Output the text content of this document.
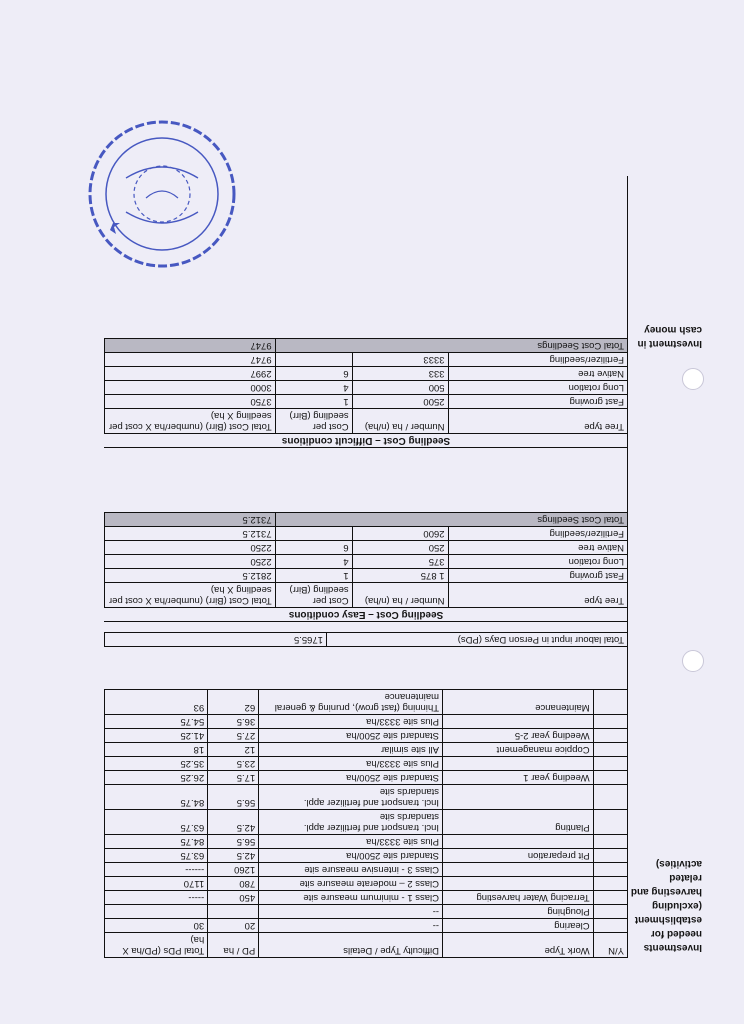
Investments needed for establishment (excluding harvesting and related activities)
Investment in cash money
Y/N	Work Type	Difficulty Type / Details	PD / ha	Total PDs (PD/ha X ha)
	Clearing	--	20	30
	Ploughing	--		
	Terracing Water harvesting	Class 1 - minimum measure site	450	-----
		Class 2 – moderate measure site	780	1170
		Class 3 - intensive measure site	1260	------
	Pit preparation	Standard site 2500/ha	42.5	63.75
		Plus site 3333/ha	56.5	84.75
	Planting	Incl. transport and fertilizer appl. standards site	42.5	63.75
		Incl. transport and fertilizer appl. standards site	56.5	84.75
	Weeding year 1	Standard site 2500/ha	17.5	26.25
		Plus site 3333/ha	23.5	35.25
	Coppice management	All site similar	12	18
	Weeding year 2-5	Standard site 2500/ha	27.5	41.25
		Plus site 3333/ha	36.5	54.75
	Maintenance	Thinning (fast grow), pruning & general maintenance	62	93
Total labour input in Person Days (PDs)	1765.5
Seedling Cost – Easy conditions			
Tree type	Number / ha (n/ha)	Cost per seedling (Birr)	Total Cost (Birr) (number/ha X cost per seedling X ha)
Fast growing	1 875	1	2812.5
Long rotation	375	4	2250
Native tree	250	6	2250
Fertilizer/seedling	2600		7312.5
Total Cost Seedlings			7312.5
Seedling Cost – Difficult conditions			
Tree type	Number / ha (n/ha)	Cost per seedling (Birr)	Total Cost (Birr) (number/ha X cost per seedling X ha)
Fast growing	2500	1	3750
Long rotation	500	4	3000
Native tree	333	6	2997
Fertilizer/seedling	3333		9747
Total Cost Seedlings			9747
